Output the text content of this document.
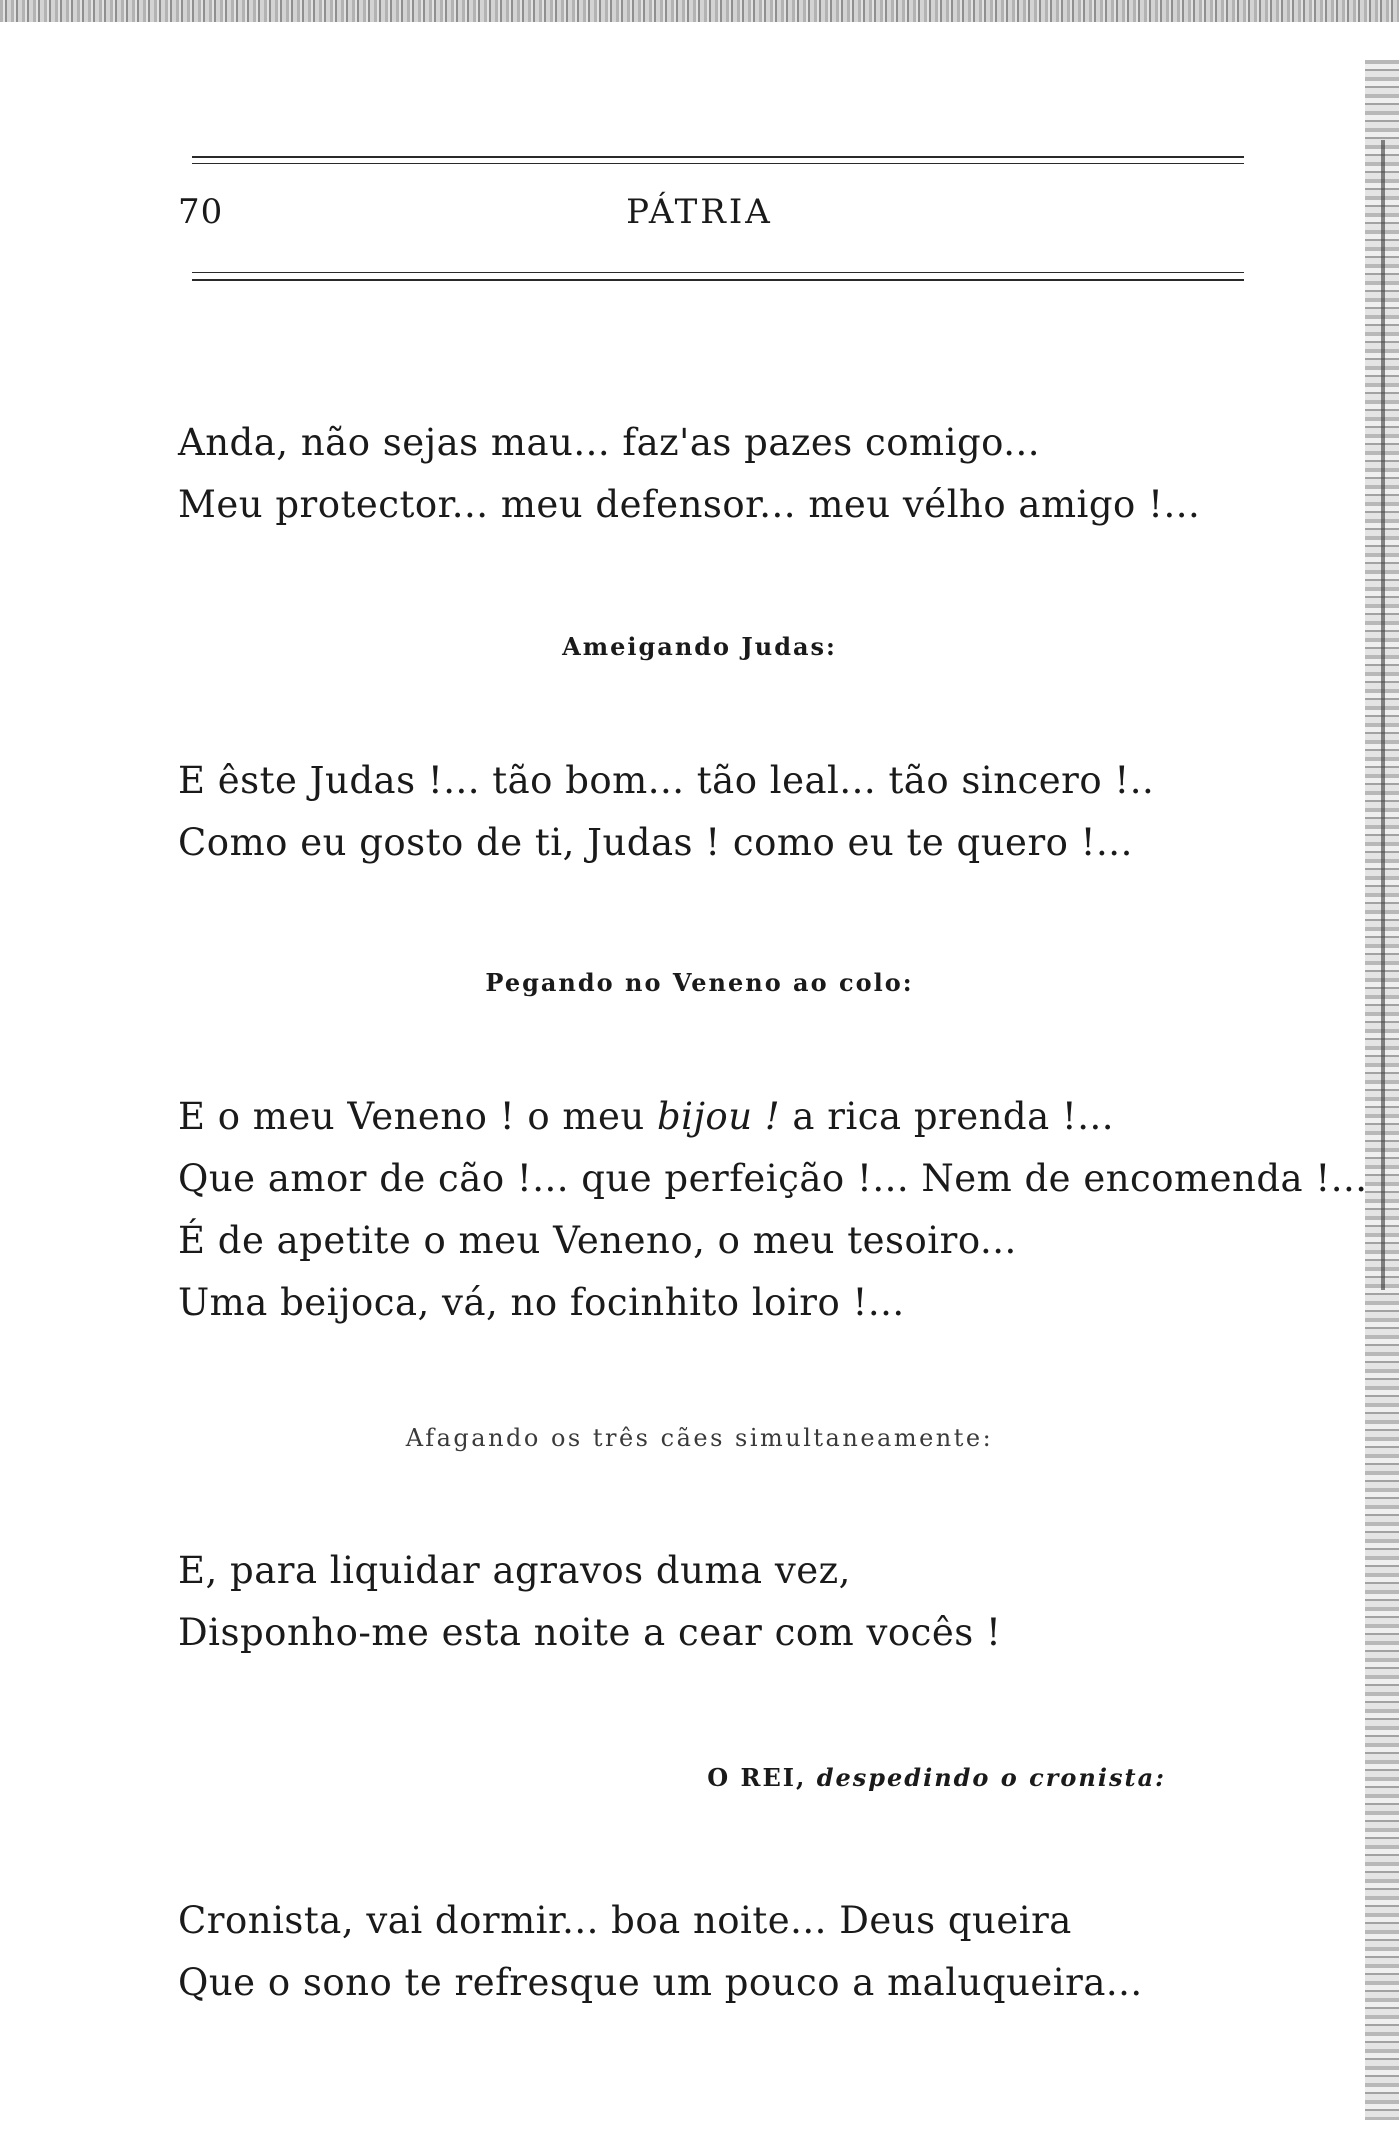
70	PÁTRIA

Anda, não sejas mau... faz'as pazes comigo...
Meu protector... meu defensor... meu vélho amigo !...

Ameigando Judas:

E êste Judas !... tão bom... tão leal... tão sincero !..
Como eu gosto de ti, Judas ! como eu te quero !...

Pegando no Veneno ao colo:

E o meu Veneno ! o meu bijou ! a rica prenda !...
Que amor de cão !... que perfeição !... Nem de encomenda !...
É de apetite o meu Veneno, o meu tesoiro...
Uma beijoca, vá, no focinhito loiro !...

Afagando os três cães simultaneamente:

E, para liquidar agravos duma vez,
Disponho-me esta noite a cear com vocês !

O REI, despedindo o cronista:

Cronista, vai dormir... boa noite... Deus queira
Que o sono te refresque um pouco a maluqueira...
